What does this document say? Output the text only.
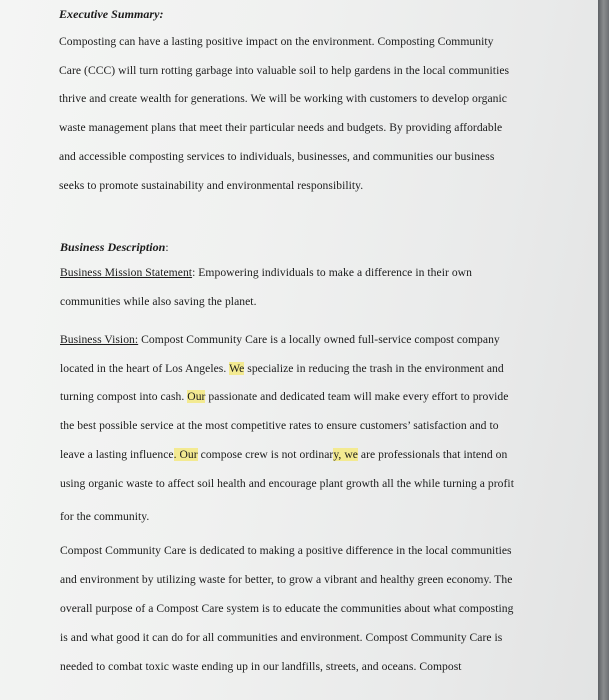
Executive Summary:
Composting can have a lasting positive impact on the environment. Composting Community
Care (CCC) will turn rotting garbage into valuable soil to help gardens in the local communities
thrive and create wealth for generations. We will be working with customers to develop organic
waste management plans that meet their particular needs and budgets. By providing affordable
and accessible composting services to individuals, businesses, and communities our business
seeks to promote sustainability and environmental responsibility.
Business Description:
Business Mission Statement: Empowering individuals to make a difference in their own
communities while also saving the planet.
Business Vision: Compost Community Care is a locally owned full-service compost company
located in the heart of Los Angeles. We specialize in reducing the trash in the environment and
turning compost into cash. Our passionate and dedicated team will make every effort to provide
the best possible service at the most competitive rates to ensure customers’ satisfaction and to
leave a lasting influence. Our compose crew is not ordinary, we are professionals that intend on
using organic waste to affect soil health and encourage plant growth all the while turning a profit
for the community.
Compost Community Care is dedicated to making a positive difference in the local communities
and environment by utilizing waste for better, to grow a vibrant and healthy green economy. The
overall purpose of a Compost Care system is to educate the communities about what composting
is and what good it can do for all communities and environment. Compost Community Care is
needed to combat toxic waste ending up in our landfills, streets, and oceans. Compost
